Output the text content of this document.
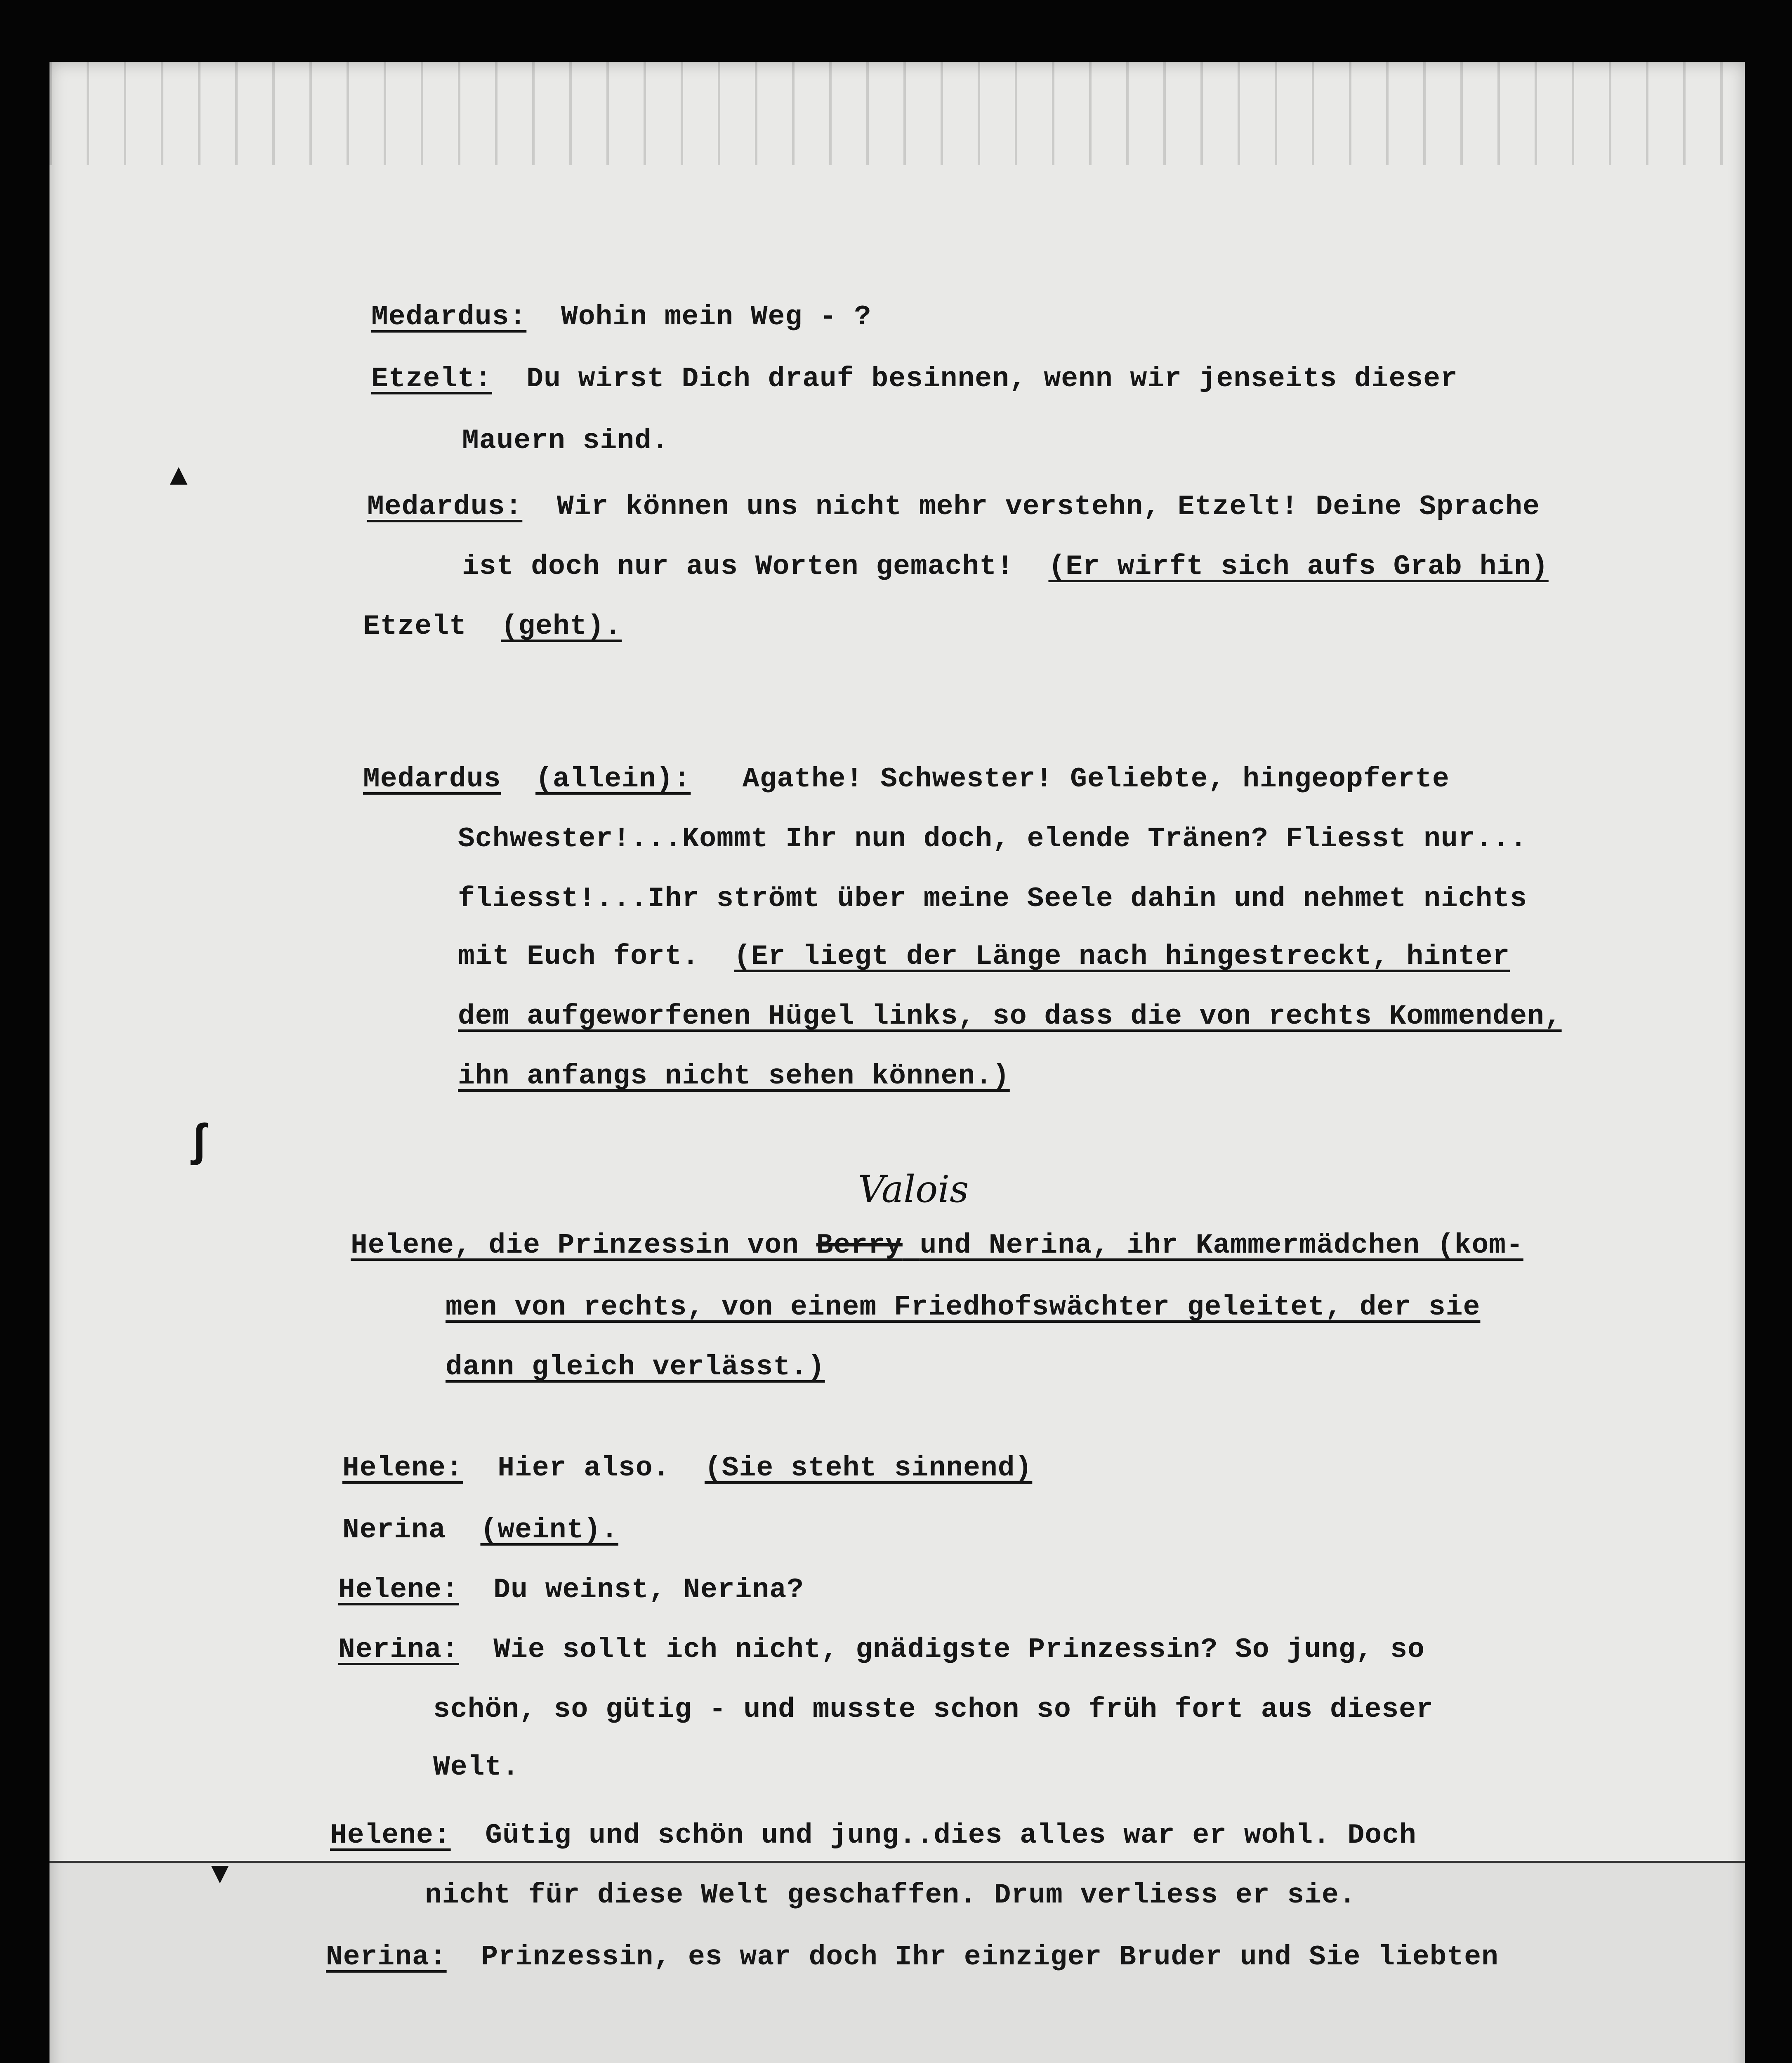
▴
ʃ
▾
Medardus: Wohin mein Weg - ?
Etzelt: Du wirst Dich drauf besinnen, wenn wir jenseits dieser
Mauern sind.
Medardus: Wir können uns nicht mehr verstehn, Etzelt! Deine Sprache
ist doch nur aus Worten gemacht! (Er wirft sich aufs Grab hin)
Etzelt (geht).
Medardus (allein): Agathe! Schwester! Geliebte, hingeopferte
Schwester!...Kommt Ihr nun doch, elende Tränen? Fliesst nur...
fliesst!...Ihr strömt über meine Seele dahin und nehmet nichts
mit Euch fort. (Er liegt der Länge nach hingestreckt, hinter
dem aufgeworfenen Hügel links, so dass die von rechts Kommenden,
ihn anfangs nicht sehen können.)
Valois
Helene, die Prinzessin von Berry und Nerina, ihr Kammermädchen (kom-
men von rechts, von einem Friedhofswächter geleitet, der sie
dann gleich verlässt.)
Helene: Hier also. (Sie steht sinnend)
Nerina (weint).
Helene: Du weinst, Nerina?
Nerina: Wie sollt ich nicht, gnädigste Prinzessin? So jung, so
schön, so gütig - und musste schon so früh fort aus dieser
Welt.
Helene: Gütig und schön und jung..dies alles war er wohl. Doch
nicht für diese Welt geschaffen. Drum verliess er sie.
Nerina: Prinzessin, es war doch Ihr einziger Bruder und Sie liebten
